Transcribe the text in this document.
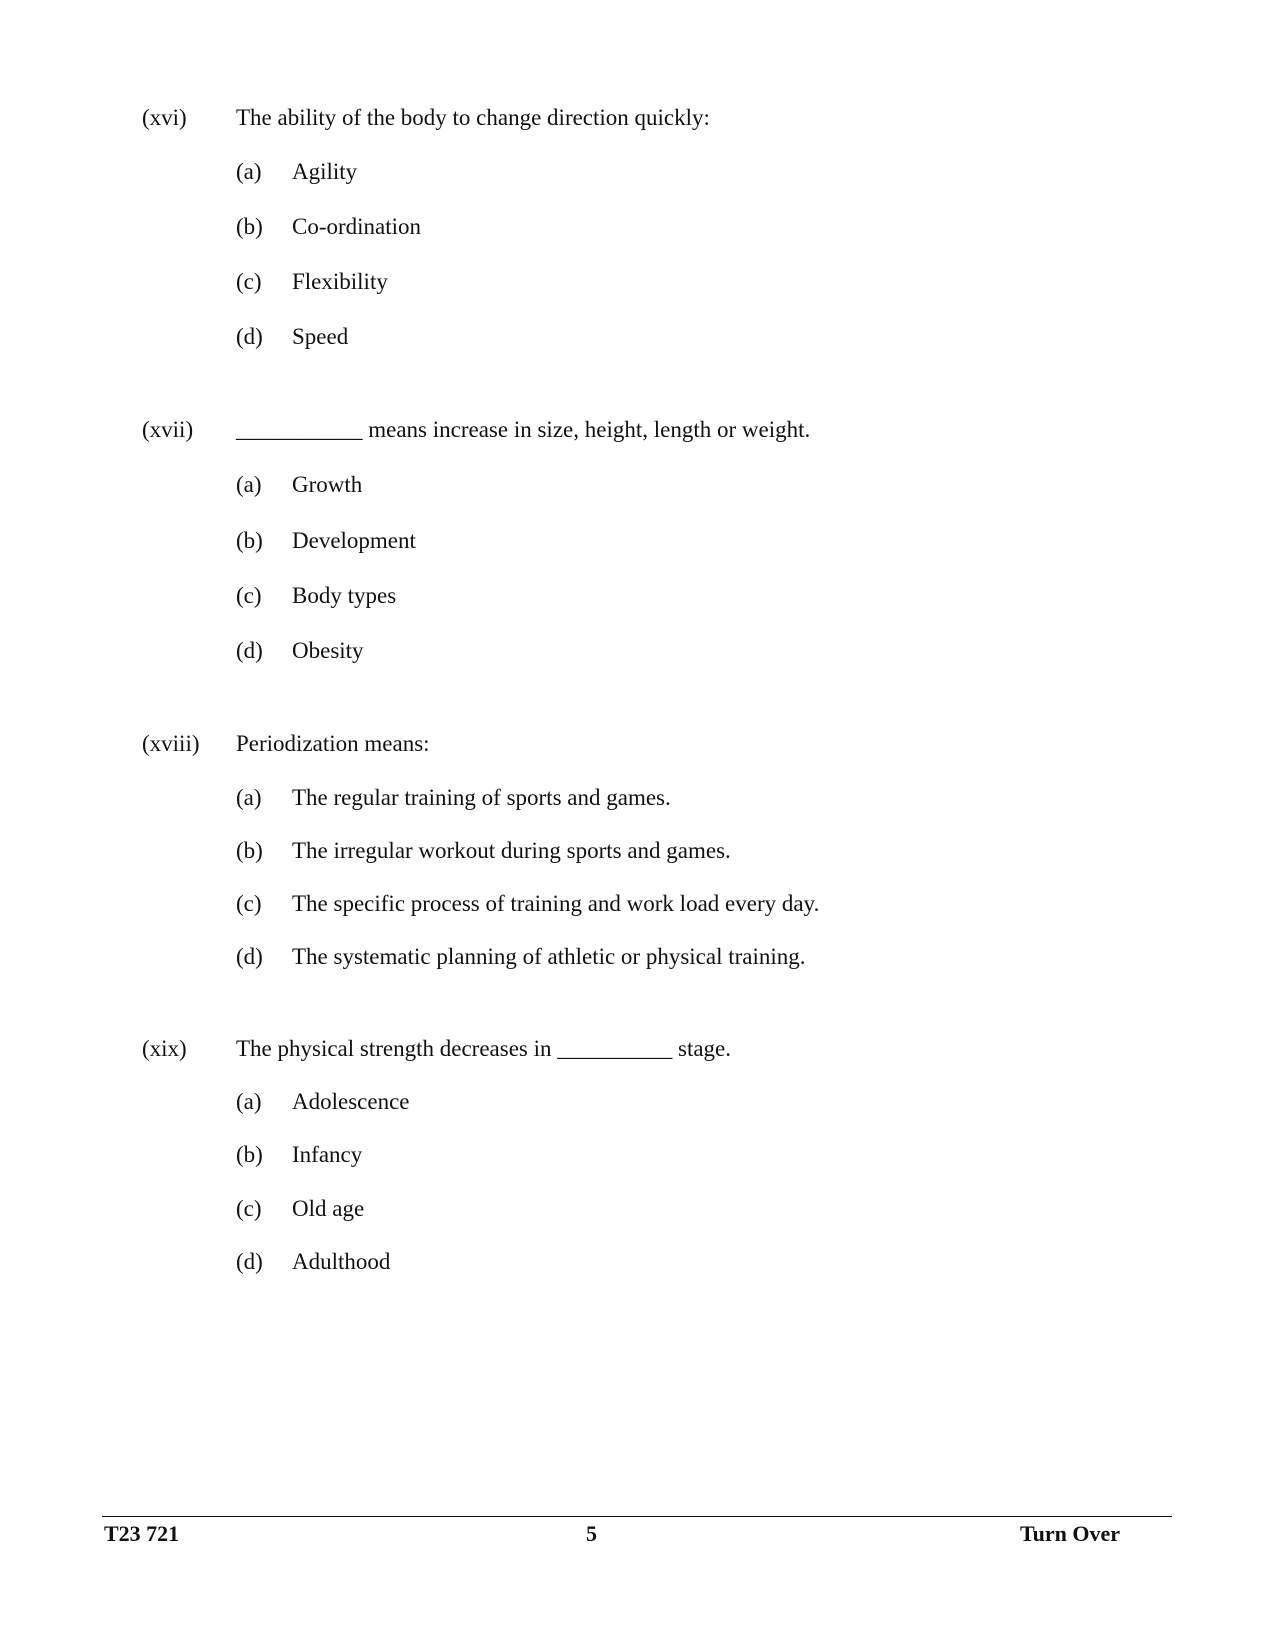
(xvi) The ability of the body to change direction quickly:
(a) Agility
(b) Co-ordination
(c) Flexibility
(d) Speed
(xvii) ___________ means increase in size, height, length or weight.
(a) Growth
(b) Development
(c) Body types
(d) Obesity
(xviii) Periodization means:
(a) The regular training of sports and games.
(b) The irregular workout during sports and games.
(c) The specific process of training and work load every day.
(d) The systematic planning of athletic or physical training.
(xix) The physical strength decreases in __________ stage.
(a) Adolescence
(b) Infancy
(c) Old age
(d) Adulthood
T23 721	5	Turn Over
